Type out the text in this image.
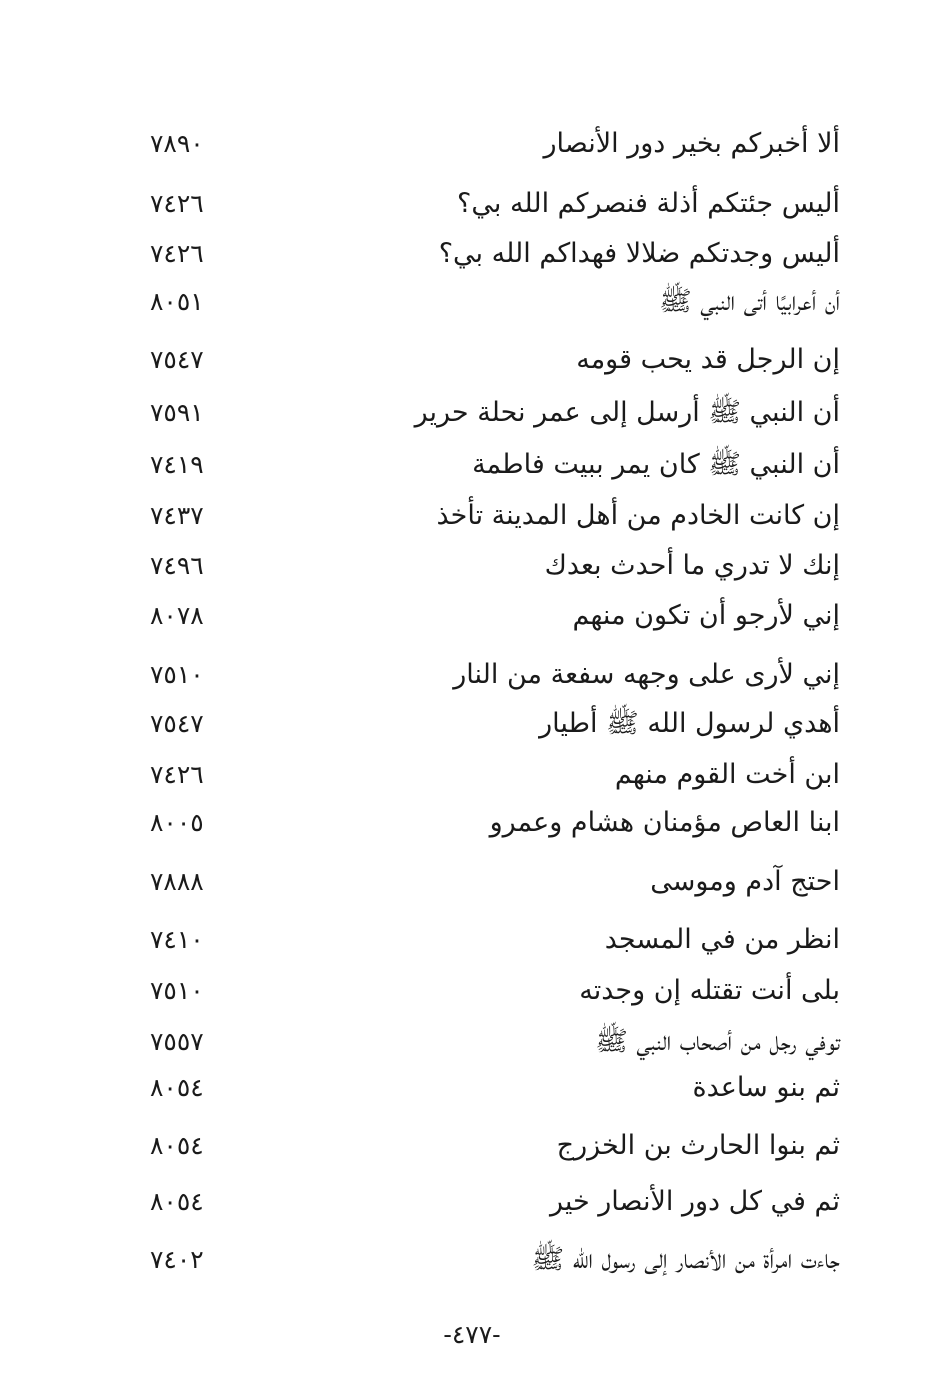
ألا أخبركم بخير دور الأنصار
٧٨٩٠
أليس جئتكم أذلة فنصركم الله بي؟
٧٤٢٦
أليس وجدتكم ضلالا فهداكم الله بي؟
٧٤٢٦
أن أعرابيًا أتى النبي ﷺ
٨٠٥١
إن الرجل قد يحب قومه
٧٥٤٧
أن النبي ﷺ أرسل إلى عمر نحلة حرير
٧٥٩١
أن النبي ﷺ كان يمر ببيت فاطمة
٧٤١٩
إن كانت الخادم من أهل المدينة تأخذ
٧٤٣٧
إنك لا تدري ما أحدث بعدك
٧٤٩٦
إني لأرجو أن تكون منهم
٨٠٧٨
إني لأرى على وجهه سفعة من النار
٧٥١٠
أهدي لرسول الله ﷺ أطيار
٧٥٤٧
ابن أخت القوم منهم
٧٤٢٦
ابنا العاص مؤمنان هشام وعمرو
٨٠٠٥
احتج آدم وموسى
٧٨٨٨
انظر من في المسجد
٧٤١٠
بلى أنت تقتله إن وجدته
٧٥١٠
توفي رجل من أصحاب النبي ﷺ
٧٥٥٧
ثم بنو ساعدة
٨٠٥٤
ثم بنوا الحارث بن الخزرج
٨٠٥٤
ثم في كل دور الأنصار خير
٨٠٥٤
جاءت امرأة من الأنصار إلى رسول الله ﷺ
٧٤٠٢
-٤٧٧-
